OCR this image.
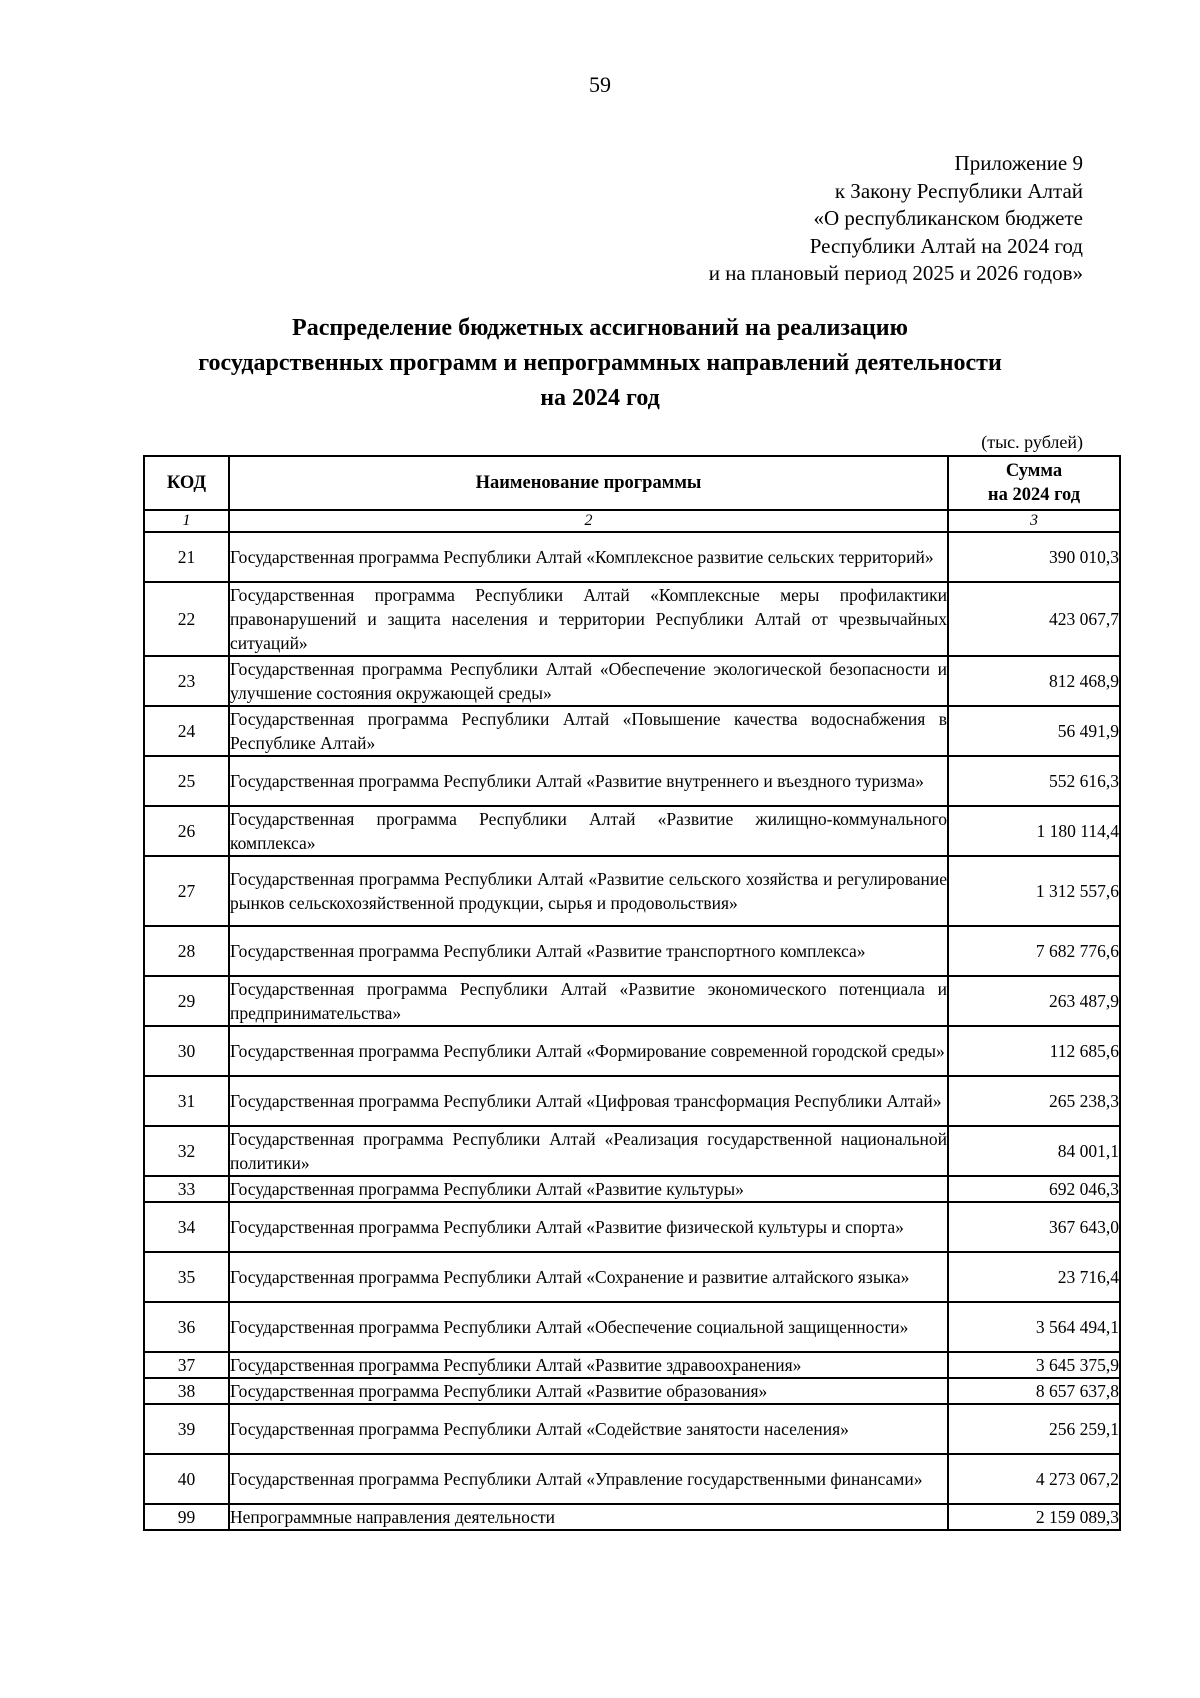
59
Приложение 9
к Закону Республики Алтай
«О республиканском бюджете
Республики Алтай на 2024 год
и на плановый период 2025 и 2026 годов»
Распределение бюджетных ассигнований на реализацию
государственных программ и непрограммных направлений деятельности
на 2024 год
(тыс. рублей)
КОД	Наименование программы	Сумма
на 2024 год

1	2	3
21	Государственная программа Республики Алтай «Комплексное развитие сельских территорий»	390 010,3
22	Государственная программа Республики Алтай «Комплексные меры профилактики правонарушений и защита населения и территории Республики Алтай от чрезвычайных ситуаций»	423 067,7
23	Государственная программа Республики Алтай «Обеспечение экологической безопасности и улучшение состояния окружающей среды»	812 468,9
24	Государственная программа Республики Алтай «Повышение качества водоснабжения в Республике Алтай»	56 491,9
25	Государственная программа Республики Алтай «Развитие внутреннего и въездного туризма»	552 616,3
26	Государственная программа Республики Алтай «Развитие жилищно-коммунального комплекса»	1 180 114,4
27	Государственная программа Республики Алтай «Развитие сельского хозяйства и регулирование рынков сельскохозяйственной продукции, сырья и продовольствия»	1 312 557,6
28	Государственная программа Республики Алтай «Развитие транспортного комплекса»	7 682 776,6
29	Государственная программа Республики Алтай «Развитие экономического потенциала и предпринимательства»	263 487,9
30	Государственная программа Республики Алтай «Формирование современной городской среды»	112 685,6
31	Государственная программа Республики Алтай «Цифровая трансформация Республики Алтай»	265 238,3
32	Государственная программа Республики Алтай «Реализация государственной национальной политики»	84 001,1
33	Государственная программа Республики Алтай «Развитие культуры»	692 046,3
34	Государственная программа Республики Алтай «Развитие физической культуры и спорта»	367 643,0
35	Государственная программа Республики Алтай «Сохранение и развитие алтайского языка»	23 716,4
36	Государственная программа Республики Алтай «Обеспечение социальной защищенности»	3 564 494,1
37	Государственная программа Республики Алтай «Развитие здравоохранения»	3 645 375,9
38	Государственная программа Республики Алтай «Развитие образования»	8 657 637,8
39	Государственная программа Республики Алтай «Содействие занятости населения»	256 259,1
40	Государственная программа Республики Алтай «Управление государственными финансами»	4 273 067,2
99	Непрограммные направления деятельности	2 159 089,3
